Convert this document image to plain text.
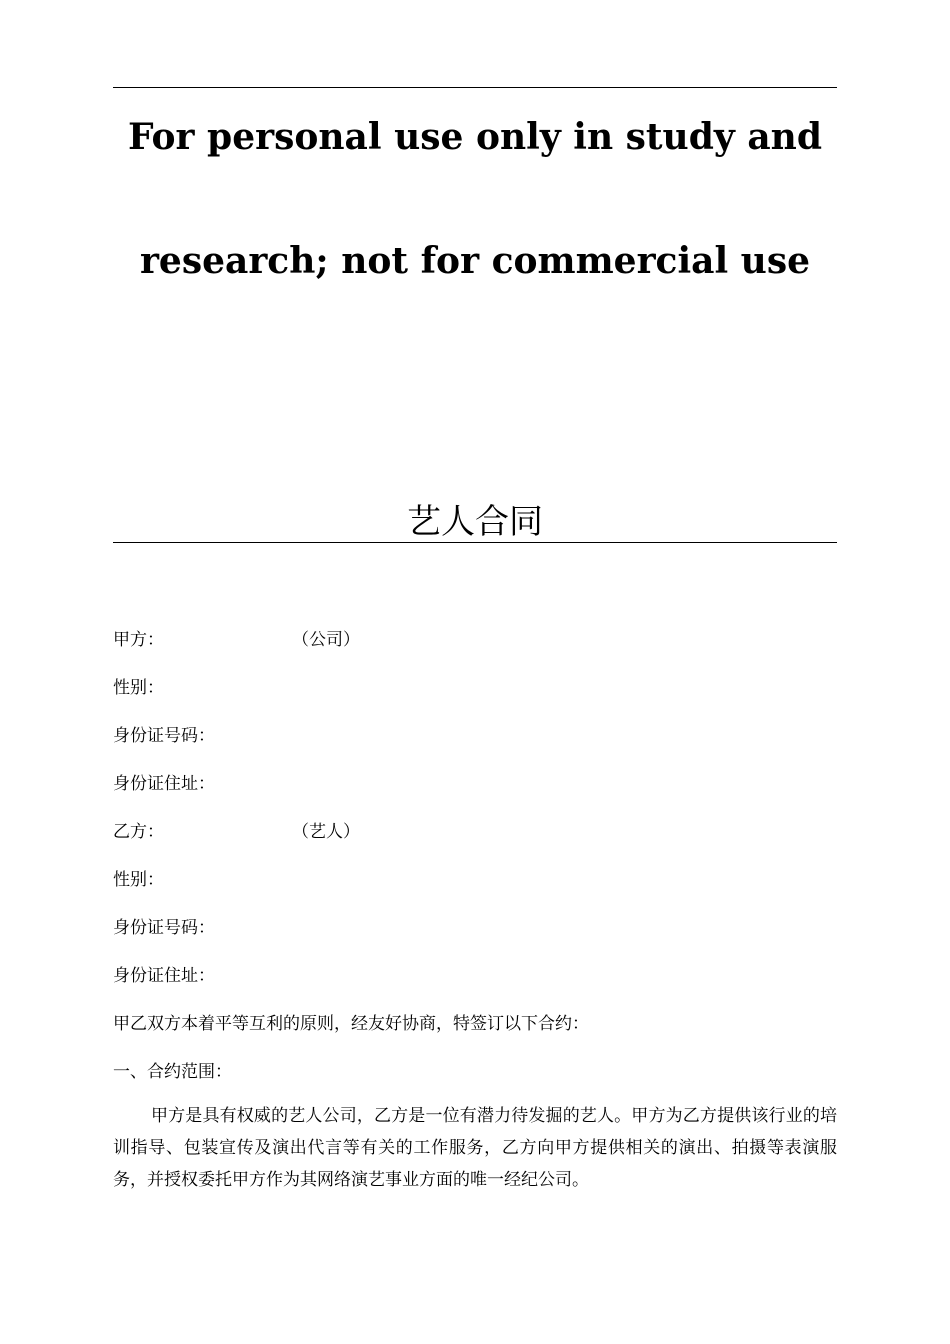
For personal use only in study and
research; not for commercial use
艺人合同
甲方：	（公司）
性别：
身份证号码：
身份证住址：
乙方：	（艺人）
性别：
身份证号码：
身份证住址：
甲乙双方本着平等互利的原则，经友好协商，特签订以下合约：
一、合约范围：
甲方是具有权威的艺人公司，乙方是一位有潜力待发掘的艺人。甲方为乙方提供该行业的培训指导、包装宣传及演出代言等有关的工作服务，乙方向甲方提供相关的演出、拍摄等表演服务，并授权委托甲方作为其网络演艺事业方面的唯一经纪公司。
